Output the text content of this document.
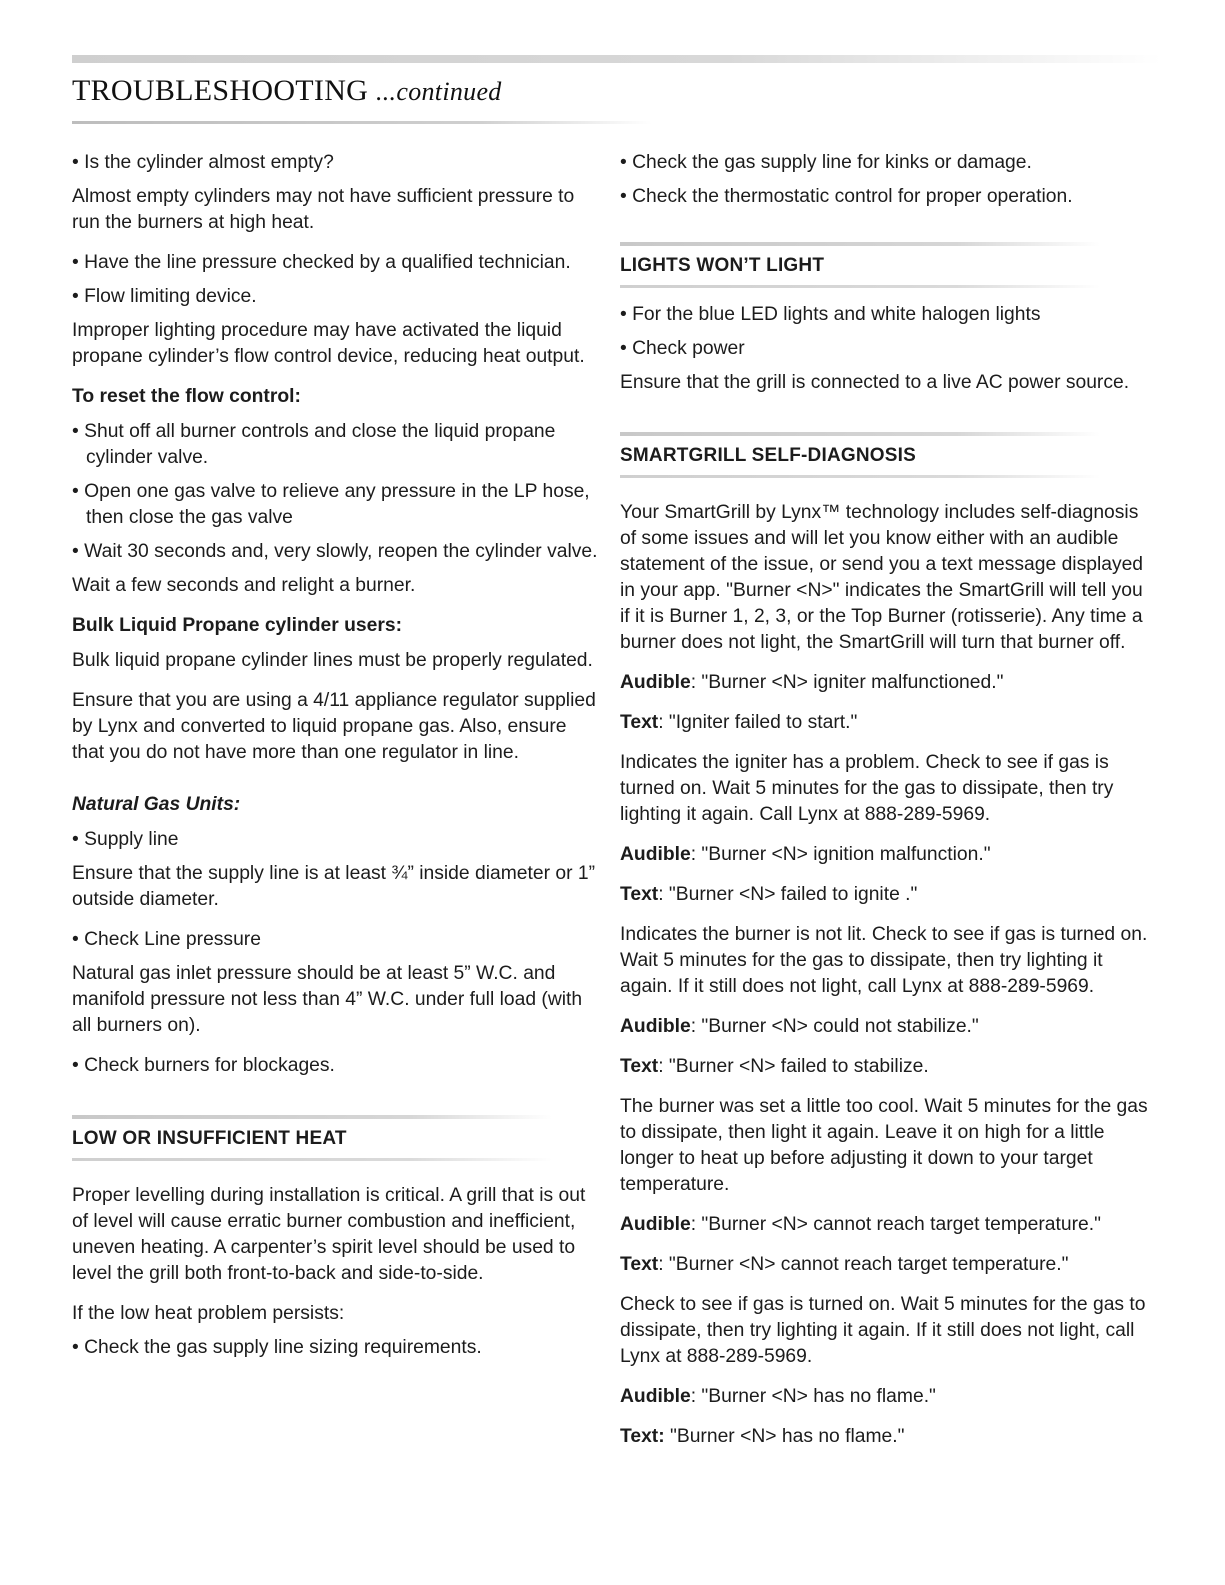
TROUBLESHOOTING ...continued

• Is the cylinder almost empty?

Almost empty cylinders may not have sufficient pressure to run the burners at high heat.

• Have the line pressure checked by a qualified technician.

• Flow limiting device.

Improper lighting procedure may have activated the liquid propane cylinder’s flow control device, reducing heat output.

To reset the flow control:

• Shut off all burner controls and close the liquid propane cylinder valve.

• Open one gas valve to relieve any pressure in the LP hose, then close the gas valve

• Wait 30 seconds and, very slowly, reopen the cylinder valve.

Wait a few seconds and relight a burner.

Bulk Liquid Propane cylinder users:

Bulk liquid propane cylinder lines must be properly regulated.

Ensure that you are using a 4/11 appliance regulator supplied by Lynx and converted to liquid propane gas. Also, ensure that you do not have more than one regulator in line.

Natural Gas Units:

• Supply line

Ensure that the supply line is at least ¾” inside diameter or 1” outside diameter.

• Check Line pressure

Natural gas inlet pressure should be at least 5” W.C. and manifold pressure not less than 4” W.C. under full load (with all burners on).

• Check burners for blockages.

LOW OR INSUFFICIENT HEAT

Proper levelling during installation is critical. A grill that is out of level will cause erratic burner combustion and inefficient, uneven heating. A carpenter’s spirit level should be used to level the grill both front-to-back and side-to-side.

If the low heat problem persists:

• Check the gas supply line sizing requirements.

• Check the gas supply line for kinks or damage.

• Check the thermostatic control for proper operation.

LIGHTS WON’T LIGHT

• For the blue LED lights and white halogen lights

• Check power

Ensure that the grill is connected to a live AC power source.

SMARTGRILL SELF-DIAGNOSIS

Your SmartGrill by Lynx™ technology includes self-diagnosis of some issues and will let you know either with an audible statement of the issue, or send you a text message displayed in your app. "Burner <N>" indicates the SmartGrill will tell you if it is Burner 1, 2, 3, or the Top Burner (rotisserie). Any time a burner does not light, the SmartGrill will turn that burner off.

Audible: "Burner <N> igniter malfunctioned."

Text: "Igniter failed to start."

Indicates the igniter has a problem. Check to see if gas is turned on. Wait 5 minutes for the gas to dissipate, then try lighting it again. Call Lynx at 888-289-5969.

Audible: "Burner <N> ignition malfunction."

Text: "Burner <N> failed to ignite ."

Indicates the burner is not lit. Check to see if gas is turned on. Wait 5 minutes for the gas to dissipate, then try lighting it again. If it still does not light, call Lynx at 888-289-5969.

Audible: "Burner <N> could not stabilize."

Text: "Burner <N> failed to stabilize.

The burner was set a little too cool. Wait 5 minutes for the gas to dissipate, then light it again. Leave it on high for a little longer to heat up before adjusting it down to your target temperature.

Audible: "Burner <N> cannot reach target temperature."

Text: "Burner <N> cannot reach target temperature."

Check to see if gas is turned on. Wait 5 minutes for the gas to dissipate, then try lighting it again. If it still does not light, call Lynx at 888-289-5969.

Audible: "Burner <N> has no flame."

Text: "Burner <N> has no flame."
